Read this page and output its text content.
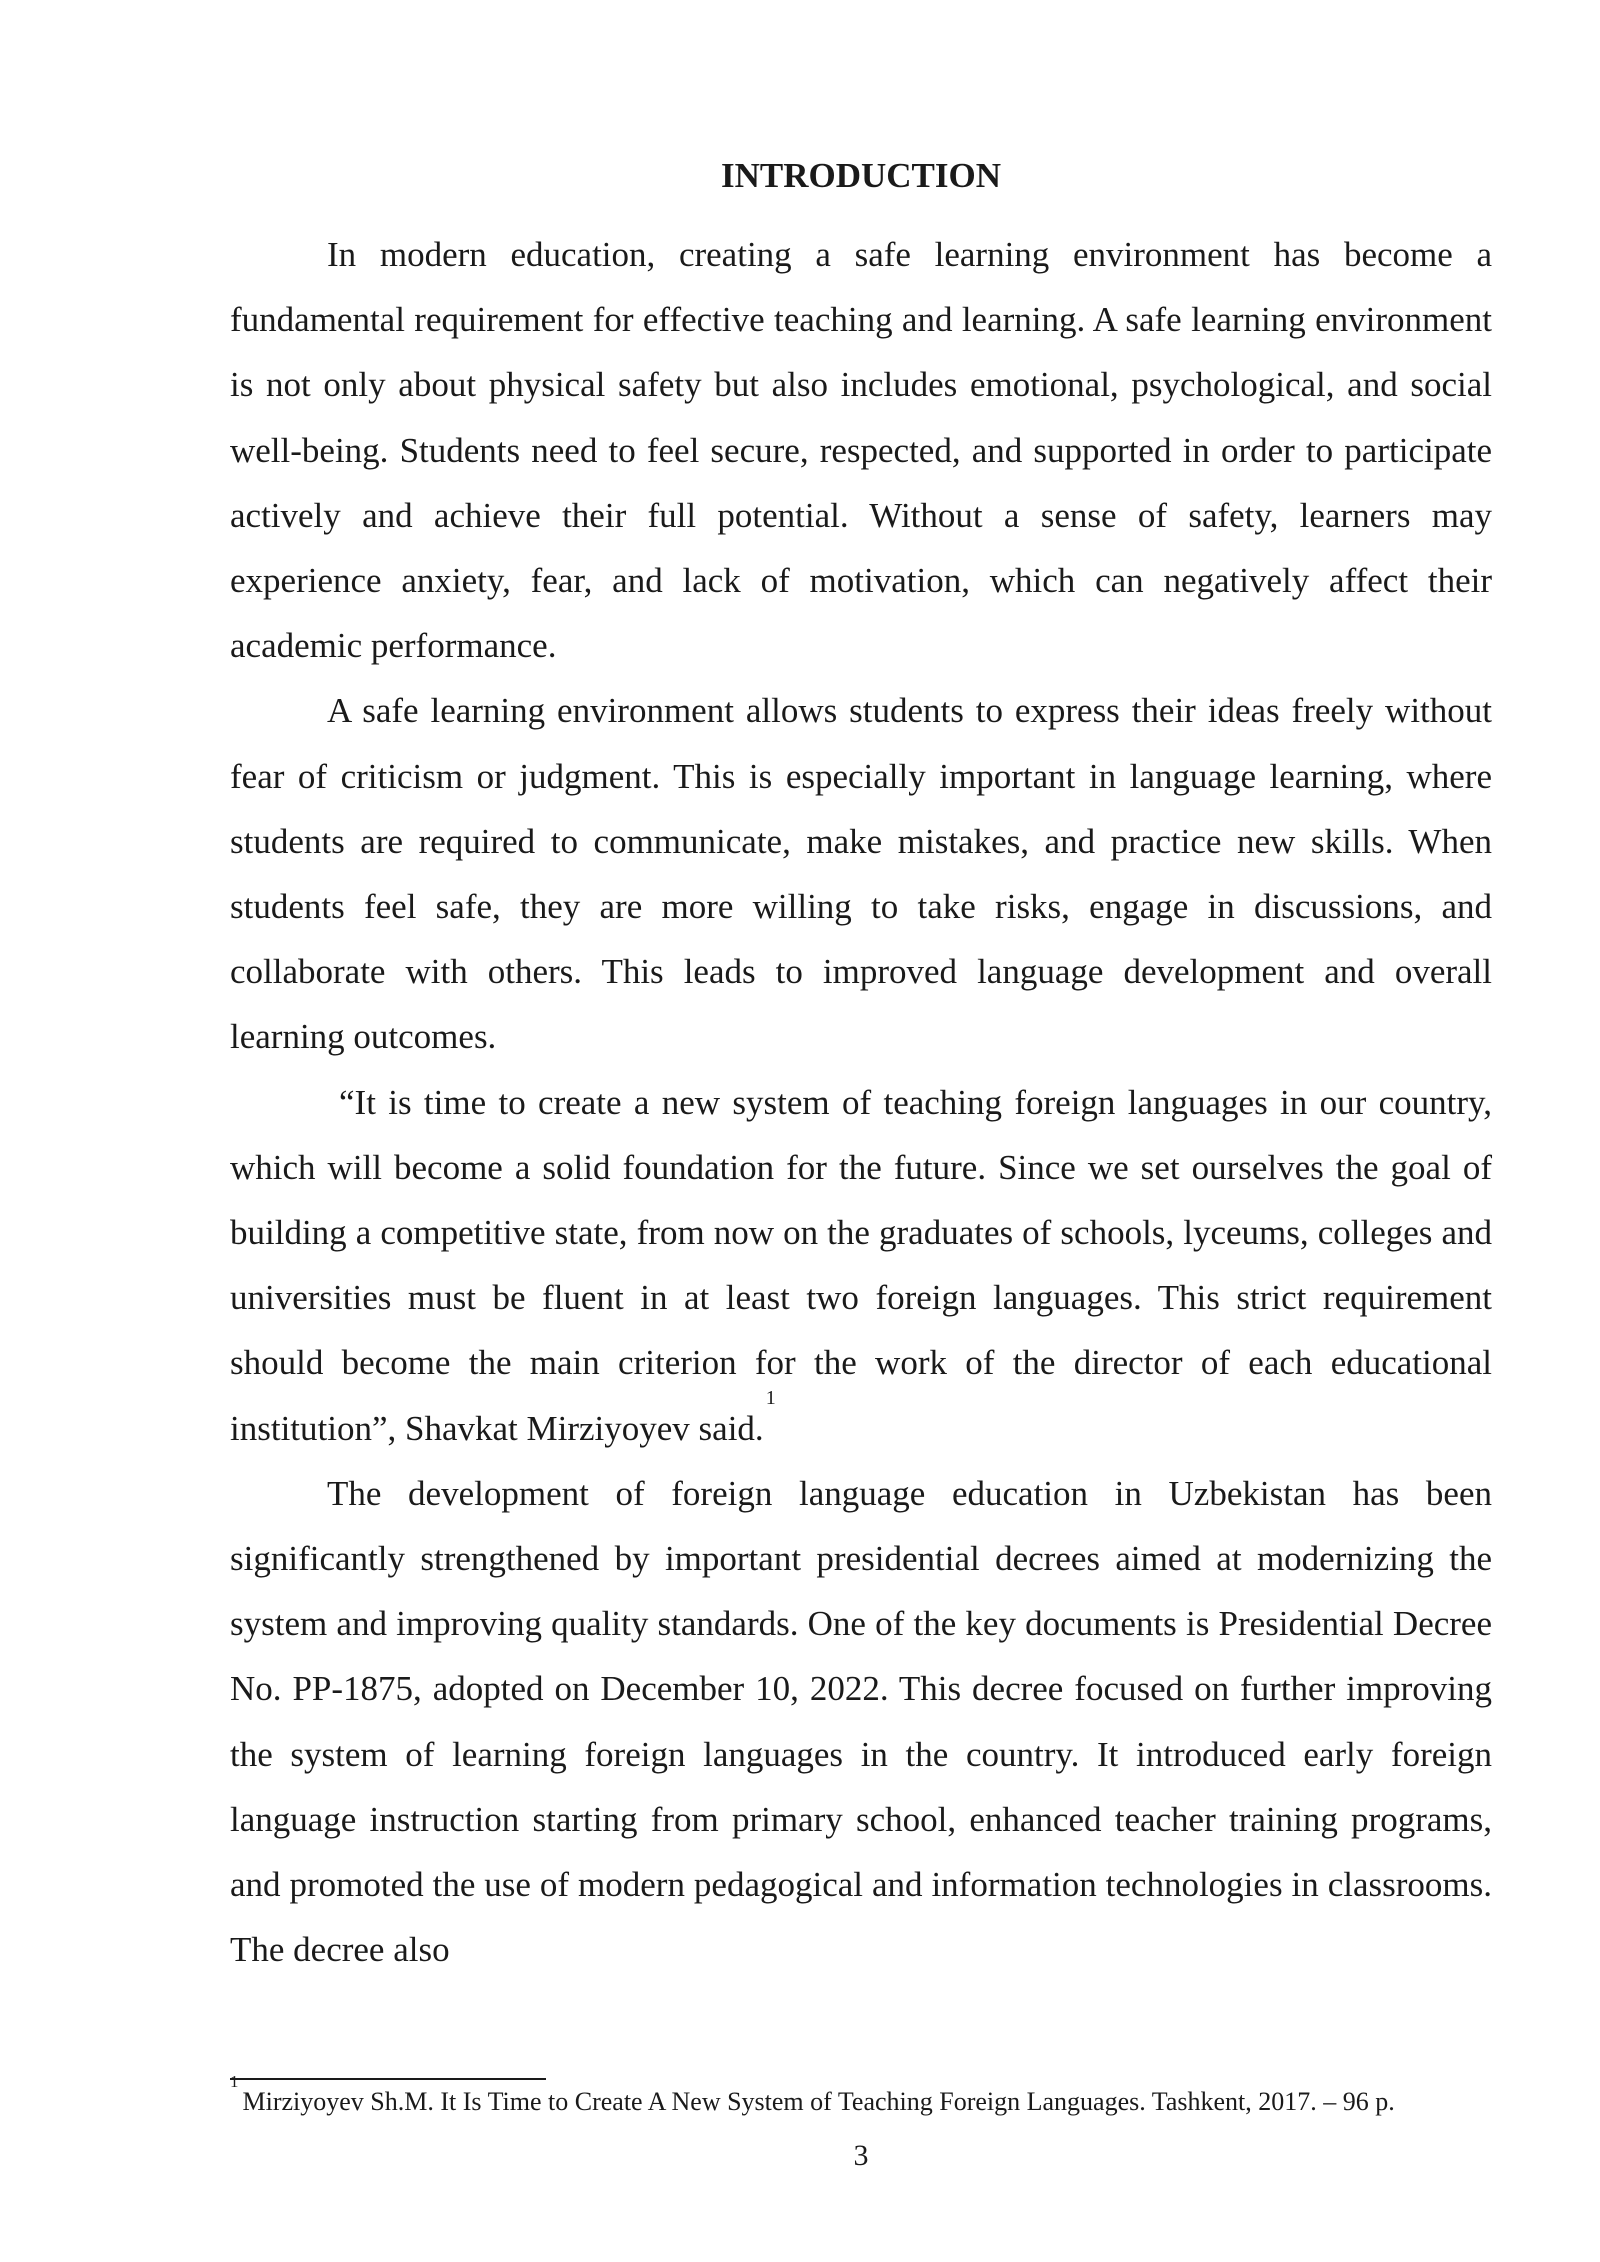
INTRODUCTION

In modern education, creating a safe learning environment has become a fundamental requirement for effective teaching and learning. A safe learning environment is not only about physical safety but also includes emotional, psychological, and social well-being. Students need to feel secure, respected, and supported in order to participate actively and achieve their full potential. Without a sense of safety, learners may experience anxiety, fear, and lack of motivation, which can negatively affect their academic performance.

A safe learning environment allows students to express their ideas freely without fear of criticism or judgment. This is especially important in language learning, where students are required to communicate, make mistakes, and practice new skills. When students feel safe, they are more willing to take risks, engage in discussions, and collaborate with others. This leads to improved language development and overall learning outcomes.

“It is time to create a new system of teaching foreign languages in our country, which will become a solid foundation for the future. Since we set ourselves the goal of building a competitive state, from now on the graduates of schools, lyceums, colleges and universities must be fluent in at least two foreign languages. This strict requirement should become the main criterion for the work of the director of each educational institution”, Shavkat Mirziyoyev said.$^1$

The development of foreign language education in Uzbekistan has been significantly strengthened by important presidential decrees aimed at modernizing the system and improving quality standards. One of the key documents is Presidential Decree No. PP-1875, adopted on December 10, 2022. This decree focused on further improving the system of learning foreign languages in the country. It introduced early foreign language instruction starting from primary school, enhanced teacher training programs, and promoted the use of modern pedagogical and information technologies in classrooms. The decree also

$^1$Mirziyoyev Sh.M. It Is Time to Create A New System of Teaching Foreign Languages. Tashkent, 2017. – 96 p.

3
